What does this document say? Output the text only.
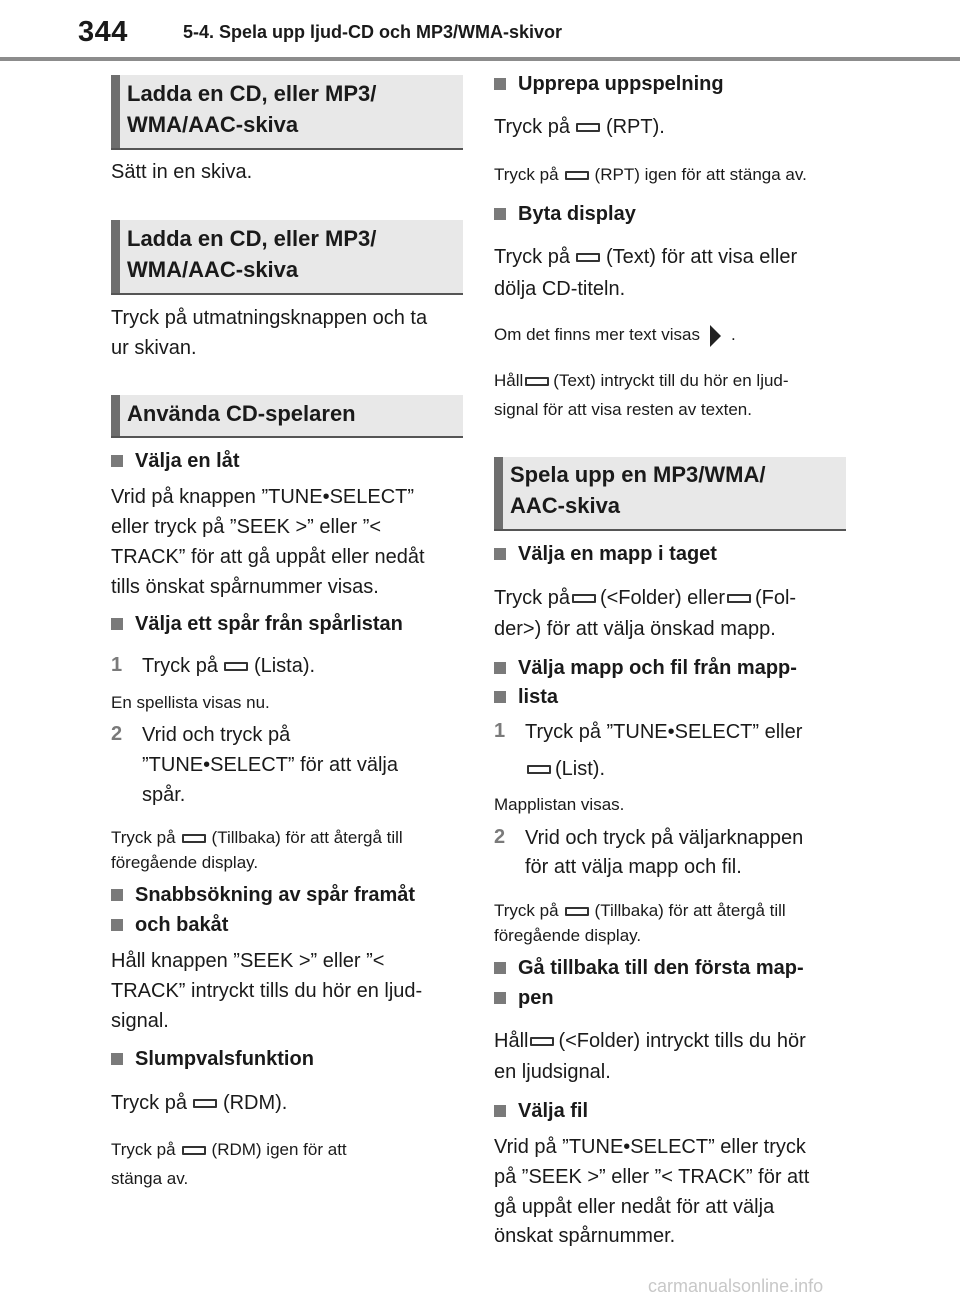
344	5-4. Spela upp ljud-CD och MP3/WMA-skivor
Ladda en CD, eller MP3/
WMA/AAC-skiva
Sätt in en skiva.
Ladda en CD, eller MP3/
WMA/AAC-skiva
Tryck på utmatningsknappen och ta
ur skivan.
Använda CD-spelaren
Välja en låt
Vrid på knappen ”TUNE•SELECT”
eller tryck på ”SEEK >” eller ”<
TRACK” för att gå uppåt eller nedåt
tills önskat spårnummer visas.
Välja ett spår från spårlistan
1 Tryck på (Lista).
En spellista visas nu.
2 Vrid och tryck på
”TUNE•SELECT” för att välja
spår.
Tryck på (Tillbaka) för att återgå till
föregående display.
Snabbsökning av spår framåt
och bakåt
Håll knappen ”SEEK >” eller ”<
TRACK” intryckt tills du hör en ljud-
signal.
Slumpvalsfunktion
Tryck på (RDM).
Tryck på (RDM) igen för att
stänga av.
Upprepa uppspelning
Tryck på (RPT).
Tryck på (RPT) igen för att stänga av.
Byta display
Tryck på (Text) för att visa eller
dölja CD-titeln.
Om det finns mer text visas .
Håll (Text) intryckt till du hör en ljud-
signal för att visa resten av texten.
Spela upp en MP3/WMA/
AAC-skiva
Välja en mapp i taget
Tryck på (<Folder) eller (Fol-
der>) för att välja önskad mapp.
Välja mapp och fil från mapp-
lista
1 Tryck på ”TUNE•SELECT” eller
(List).
Mapplistan visas.
2 Vrid och tryck på väljarknappen
för att välja mapp och fil.
Tryck på (Tillbaka) för att återgå till
föregående display.
Gå tillbaka till den första map-
pen
Håll (<Folder) intryckt tills du hör
en ljudsignal.
Välja fil
Vrid på ”TUNE•SELECT” eller tryck
på ”SEEK >” eller ”< TRACK” för att
gå uppåt eller nedåt för att välja
önskat spårnummer.
carmanualsonline.info
